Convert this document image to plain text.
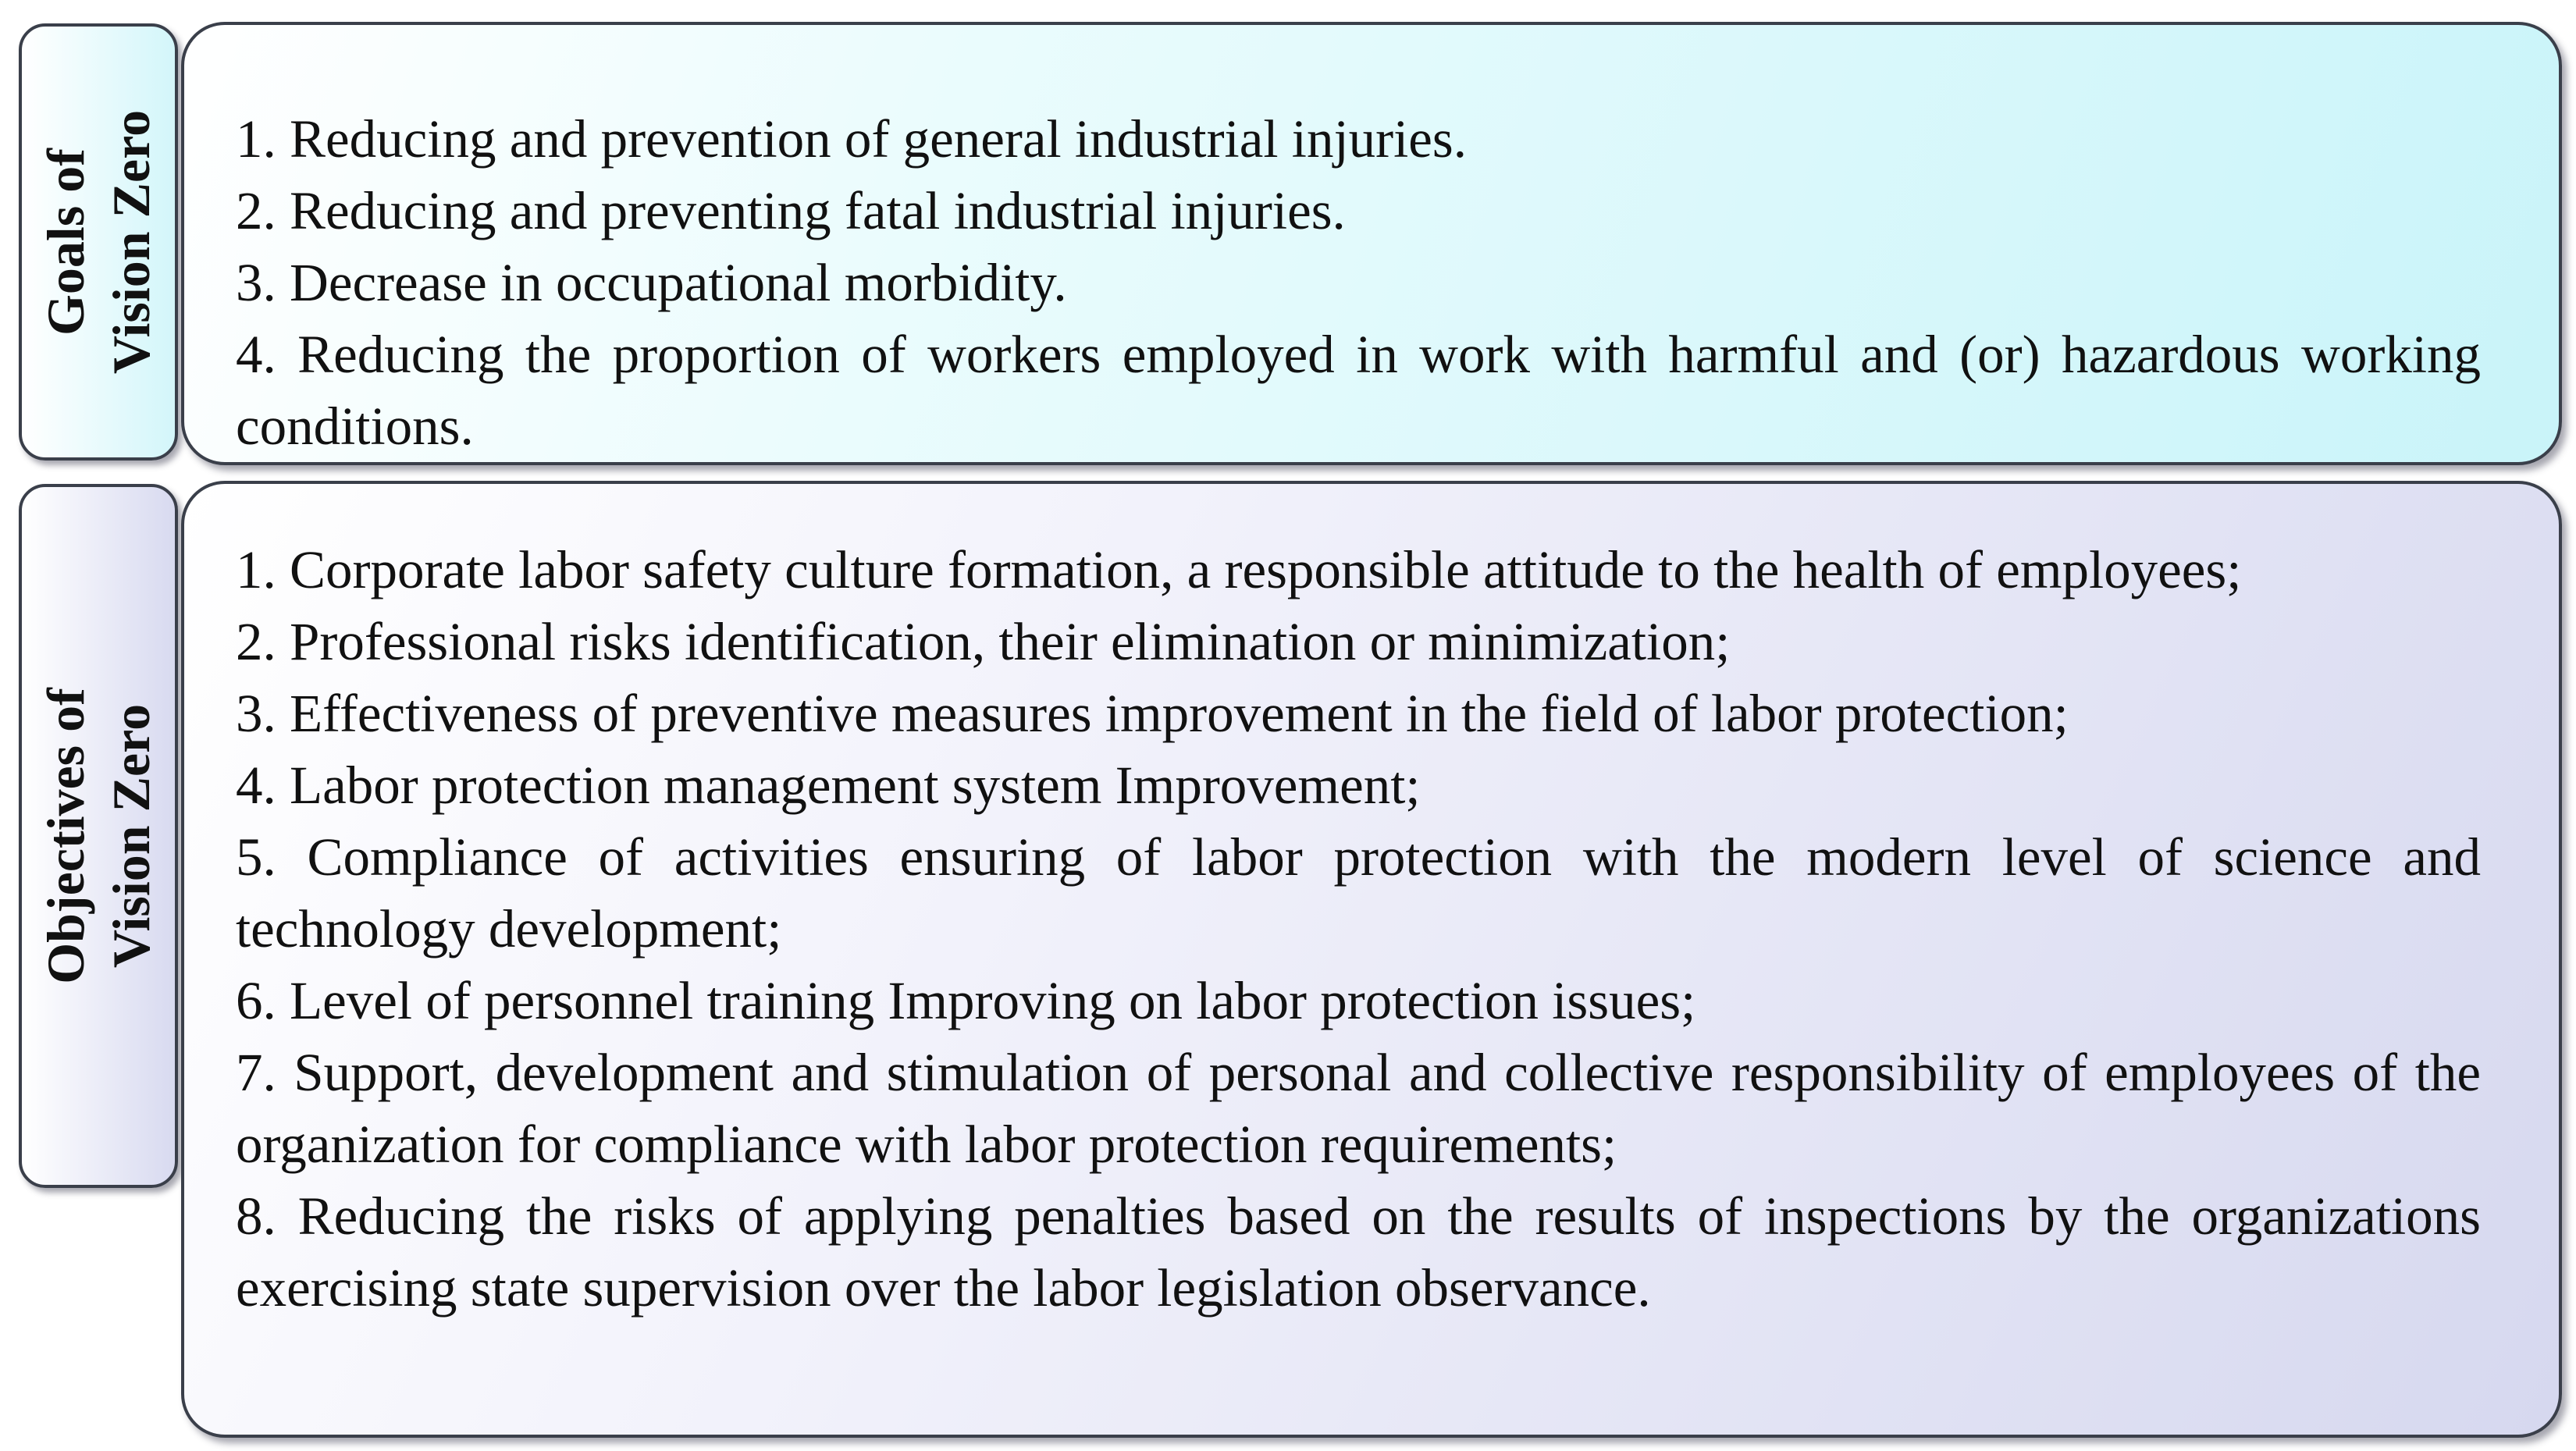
Goals of Vision Zero 1. Reducing and prevention of general industrial injuries.

2. Reducing and preventing fatal industrial injuries.

3. Decrease in occupational morbidity.

4. Reducing the proportion of workers employed in work with harmful and (or) hazardous working conditions.

Objectives of Vision Zero

1. Corporate labor safety culture formation, a responsible attitude to the health of employees;

2. Professional risks identification, their elimination or minimization;

3. Effectiveness of preventive measures improvement in the field of labor protection;

4. Labor protection management system Improvement;

5. Compliance of activities ensuring of labor protection with the modern level of science and technology development;

6. Level of personnel training Improving on labor protection issues;

7. Support, development and stimulation of personal and collective responsibility of employees of the organization for compliance with labor protection requirements;

8. Reducing the risks of applying penalties based on the results of inspections by the organizations exercising state supervision over the labor legislation observance.
